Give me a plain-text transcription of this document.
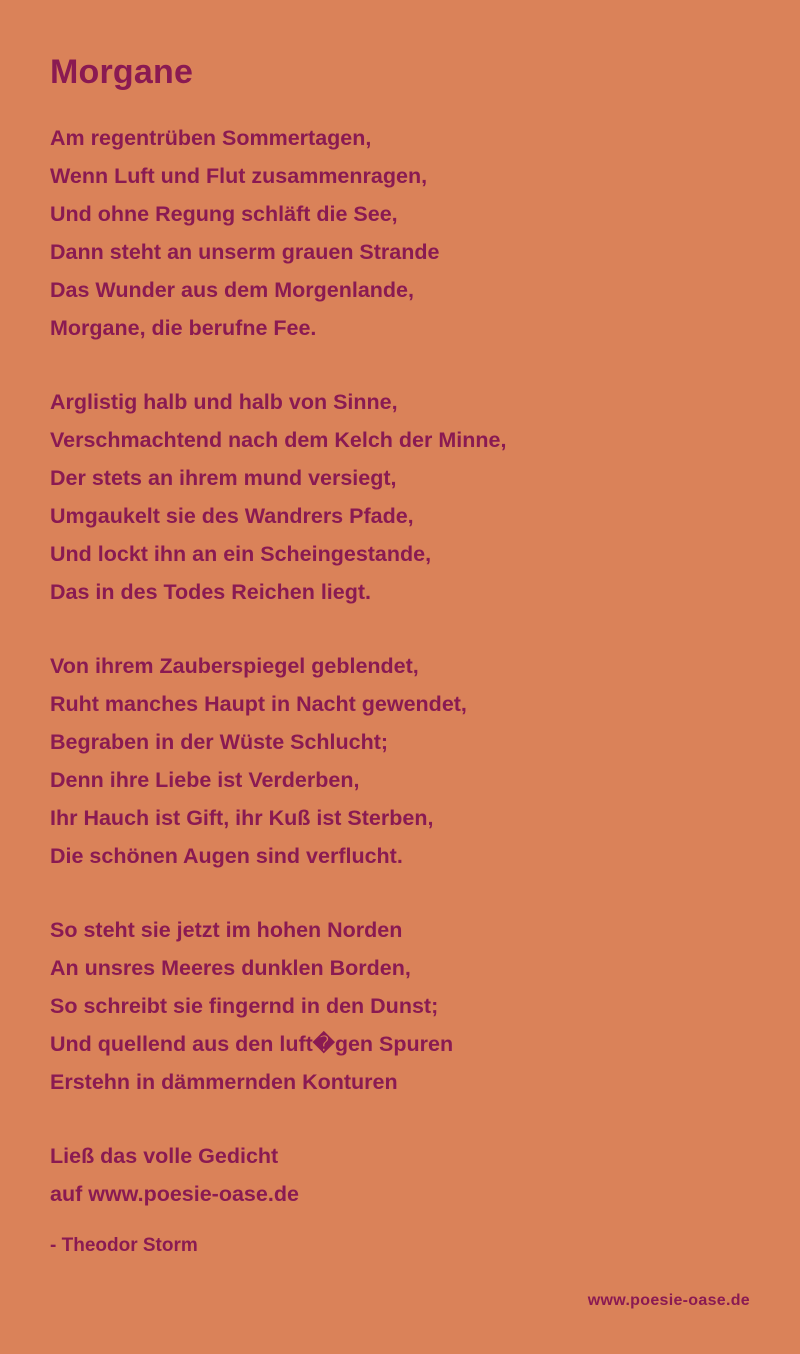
Morgane
Am regentrüben Sommertagen,
Wenn Luft und Flut zusammenragen,
Und ohne Regung schläft die See,
Dann steht an unserm grauen Strande
Das Wunder aus dem Morgenlande,
Morgane, die berufne Fee.
Arglistig halb und halb von Sinne,
Verschmachtend nach dem Kelch der Minne,
Der stets an ihrem mund versiegt,
Umgaukelt sie des Wandrers Pfade,
Und lockt ihn an ein Scheingestande,
Das in des Todes Reichen liegt.
Von ihrem Zauberspiegel geblendet,
Ruht manches Haupt in Nacht gewendet,
Begraben in der Wüste Schlucht;
Denn ihre Liebe ist Verderben,
Ihr Hauch ist Gift, ihr Kuß ist Sterben,
Die schönen Augen sind verflucht.
So steht sie jetzt im hohen Norden
An unsres Meeres dunklen Borden,
So schreibt sie fingernd in den Dunst;
Und quellend aus den luft�gen Spuren
Erstehn in dämmernden Konturen
Ließ das volle Gedicht
auf www.poesie-oase.de
- Theodor Storm
www.poesie-oase.de
